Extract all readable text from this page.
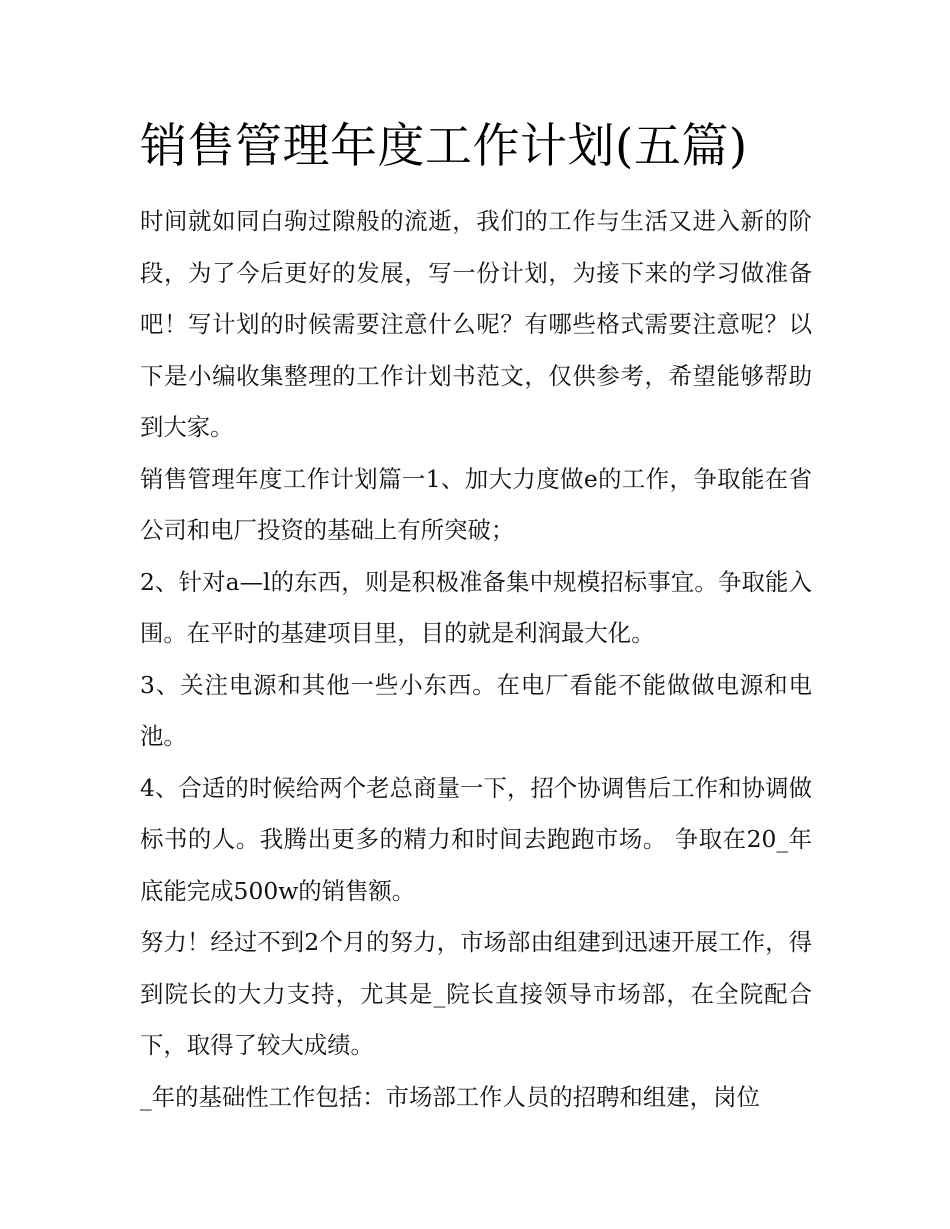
销售管理年度工作计划(五篇)

时间就如同白驹过隙般的流逝，我们的工作与生活又进入新的阶段，为了今后更好的发展，写一份计划，为接下来的学习做准备吧！写计划的时候需要注意什么呢？有哪些格式需要注意呢？以下是小编收集整理的工作计划书范文，仅供参考，希望能够帮助到大家。

销售管理年度工作计划篇一1、加大力度做e的工作，争取能在省公司和电厂投资的基础上有所突破；

2、针对a—l的东西，则是积极准备集中规模招标事宜。争取能入围。在平时的基建项目里，目的就是利润最大化。

3、关注电源和其他一些小东西。在电厂看能不能做做电源和电池。

4、合适的时候给两个老总商量一下，招个协调售后工作和协调做标书的人。我腾出更多的精力和时间去跑跑市场。 争取在20_年底能完成500w的销售额。

努力！经过不到2个月的努力，市场部由组建到迅速开展工作，得到院长的大力支持，尤其是_院长直接领导市场部，在全院配合下，取得了较大成绩。

_年的基础性工作包括：市场部工作人员的招聘和组建，岗位
